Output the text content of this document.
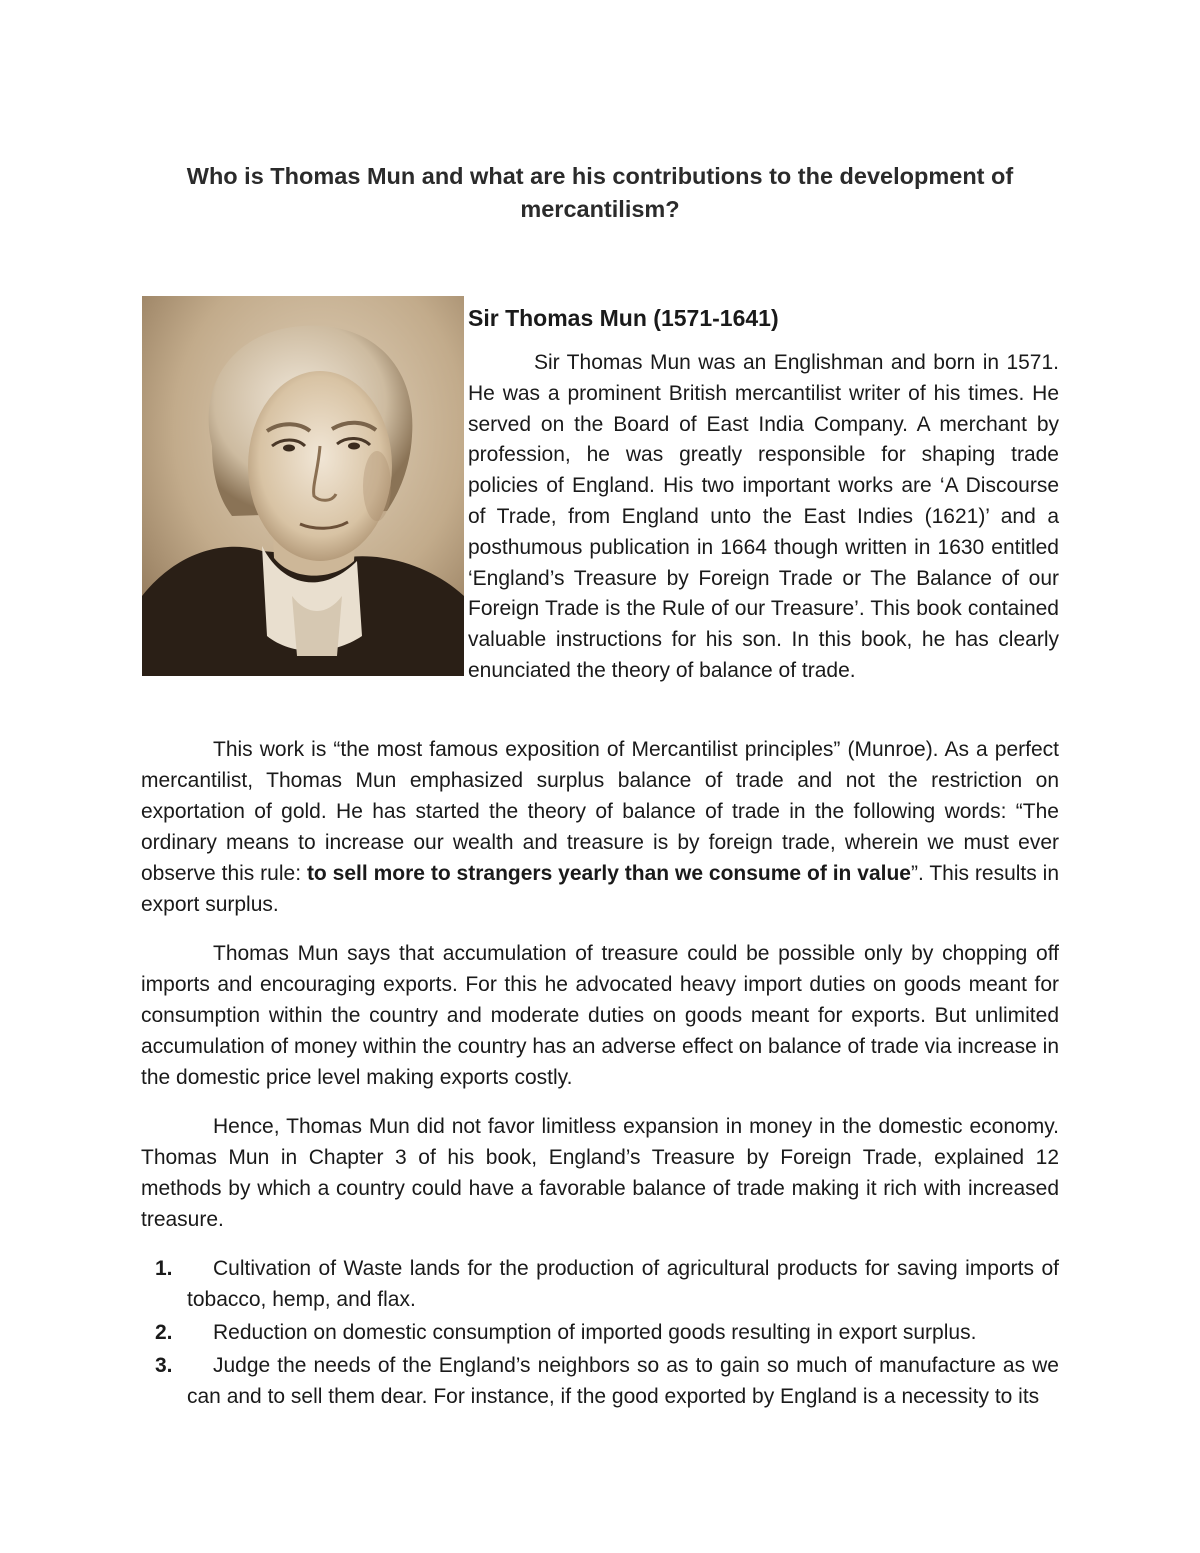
Who is Thomas Mun and what are his contributions to the development of mercantilism?
Sir Thomas Mun (1571-1641)

Sir Thomas Mun was an Englishman and born in 1571. He was a prominent British mercantilist writer of his times. He served on the Board of East India Company. A merchant by profession, he was greatly responsible for shaping trade policies of England. His two important works are ‘A Discourse of Trade, from England unto the East Indies (1621)’ and a posthumous publication in 1664 though written in 1630 entitled ‘England’s Treasure by Foreign Trade or The Balance of our Foreign Trade is the Rule of our Treasure’. This book contained valuable instructions for his son. In this book, he has clearly enunciated the theory of balance of trade.

This work is “the most famous exposition of Mercantilist principles” (Munroe). As a perfect mercantilist, Thomas Mun emphasized surplus balance of trade and not the restriction on exportation of gold. He has started the theory of balance of trade in the following words: “The ordinary means to increase our wealth and treasure is by foreign trade, wherein we must ever observe this rule: to sell more to strangers yearly than we consume of in value”. This results in export surplus.

Thomas Mun says that accumulation of treasure could be possible only by chopping off imports and encouraging exports. For this he advocated heavy import duties on goods meant for consumption within the country and moderate duties on goods meant for exports. But unlimited accumulation of money within the country has an adverse effect on balance of trade via increase in the domestic price level making exports costly.

Hence, Thomas Mun did not favor limitless expansion in money in the domestic economy. Thomas Mun in Chapter 3 of his book, England’s Treasure by Foreign Trade, explained 12 methods by which a country could have a favorable balance of trade making it rich with increased treasure.

1.	Cultivation of Waste lands for the production of agricultural products for saving imports of tobacco, hemp, and flax.
2.	Reduction on domestic consumption of imported goods resulting in export surplus.
3.	Judge the needs of the England’s neighbors so as to gain so much of manufacture as we can and to sell them dear. For instance, if the good exported by England is a necessity to its
